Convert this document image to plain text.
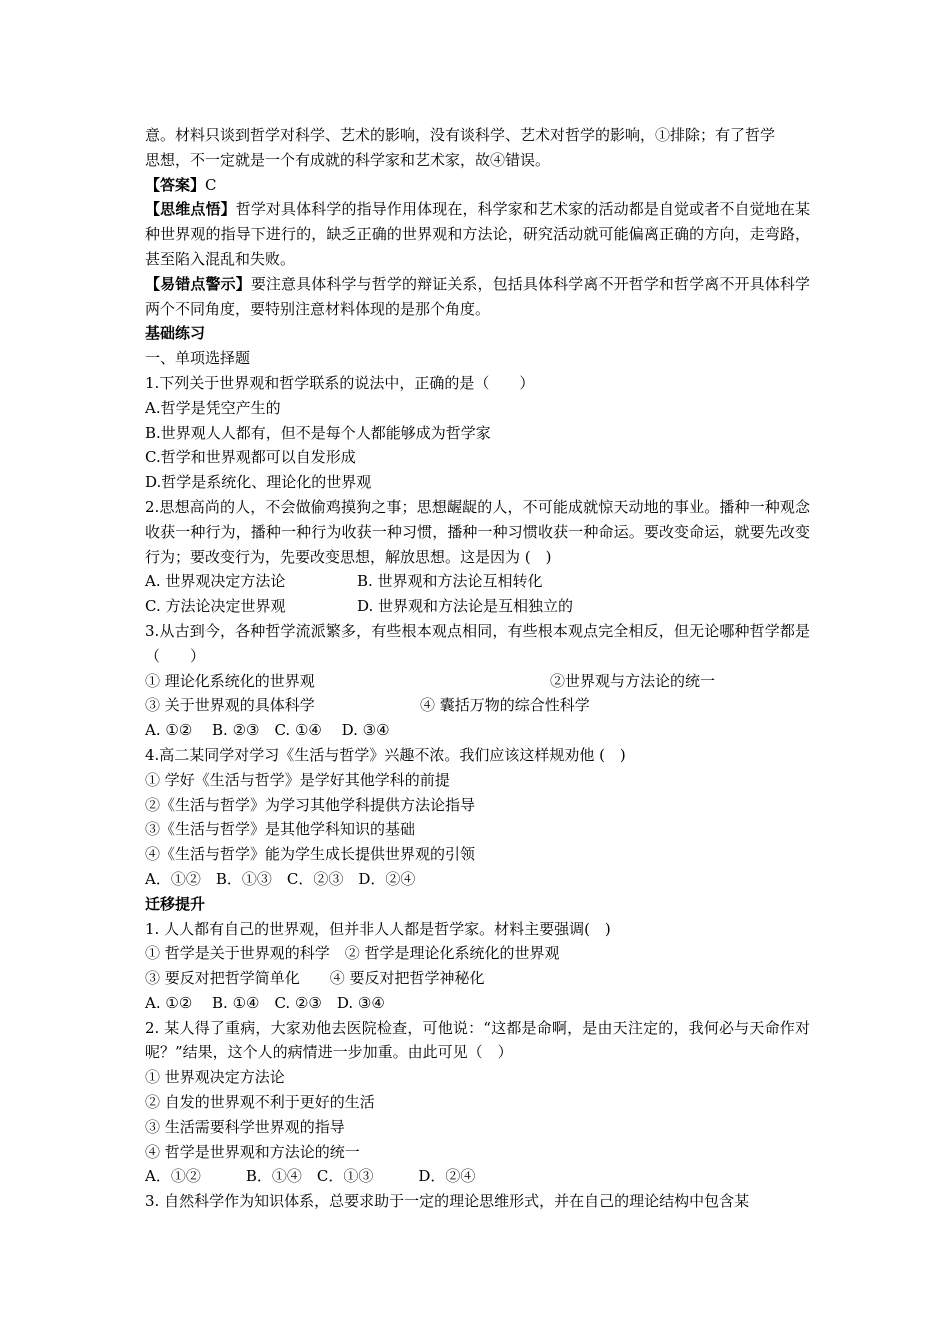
意。材料只谈到哲学对科学、艺术的影响，没有谈科学、艺术对哲学的影响，①排除；有了哲学
思想，不一定就是一个有成就的科学家和艺术家，故④错误。
【答案】C
【思维点悟】哲学对具体科学的指导作用体现在，科学家和艺术家的活动都是自觉或者不自觉地在某种世界观的指导下进行的，缺乏正确的世界观和方法论，研究活动就可能偏离正确的方向，走弯路，甚至陷入混乱和失败。
【易错点警示】要注意具体科学与哲学的辩证关系，包括具体科学离不开哲学和哲学离不开具体科学两个不同角度，要特别注意材料体现的是那个角度。
基础练习
一、单项选择题
1.下列关于世界观和哲学联系的说法中，正确的是（　　）
A.哲学是凭空产生的
B.世界观人人都有，但不是每个人都能够成为哲学家
C.哲学和世界观都可以自发形成
D.哲学是系统化、理论化的世界观
2.思想高尚的人，不会做偷鸡摸狗之事；思想龌龊的人，不可能成就惊天动地的事业。播种一种观念收获一种行为，播种一种行为收获一种习惯，播种一种习惯收获一种命运。要改变命运，就要先改变行为；要改变行为，先要改变思想，解放思想。这是因为 (　)
A. 世界观决定方法论	B. 世界观和方法论互相转化
C. 方法论决定世界观	D. 世界观和方法论是互相独立的
3.从古到今，各种哲学流派繁多，有些根本观点相同，有些根本观点完全相反，但无论哪种哲学都是（　　）
① 理论化系统化的世界观	②世界观与方法论的统一
③ 关于世界观的具体科学	④ 囊括万物的综合性科学
A. ①②　 B. ②③　C. ①④　 D. ③④
4.高二某同学对学习《生活与哲学》兴趣不浓。我们应该这样规劝他 (　)
① 学好《生活与哲学》是学好其他学科的前提
②《生活与哲学》为学习其他学科提供方法论指导
③《生活与哲学》是其他学科知识的基础
④《生活与哲学》能为学生成长提供世界观的引领
A．①②　B．①③　C．②③　D．②④
迁移提升
1. 人人都有自己的世界观，但并非人人都是哲学家。材料主要强调(　)
① 哲学是关于世界观的科学　② 哲学是理论化系统化的世界观
③ 要反对把哲学简单化　　④ 要反对把哲学神秘化
A. ①②　 B. ①④　C. ②③　D. ③④
2. 某人得了重病，大家劝他去医院检查，可他说：“这都是命啊，是由天注定的，我何必与天命作对呢？”结果，这个人的病情进一步加重。由此可见（　）
① 世界观决定方法论
② 自发的世界观不利于更好的生活
③ 生活需要科学世界观的指导
④ 哲学是世界观和方法论的统一
A．①②　　　B．①④　C．①③　　　D．②④
3. 自然科学作为知识体系，总要求助于一定的理论思维形式，并在自己的理论结构中包含某
